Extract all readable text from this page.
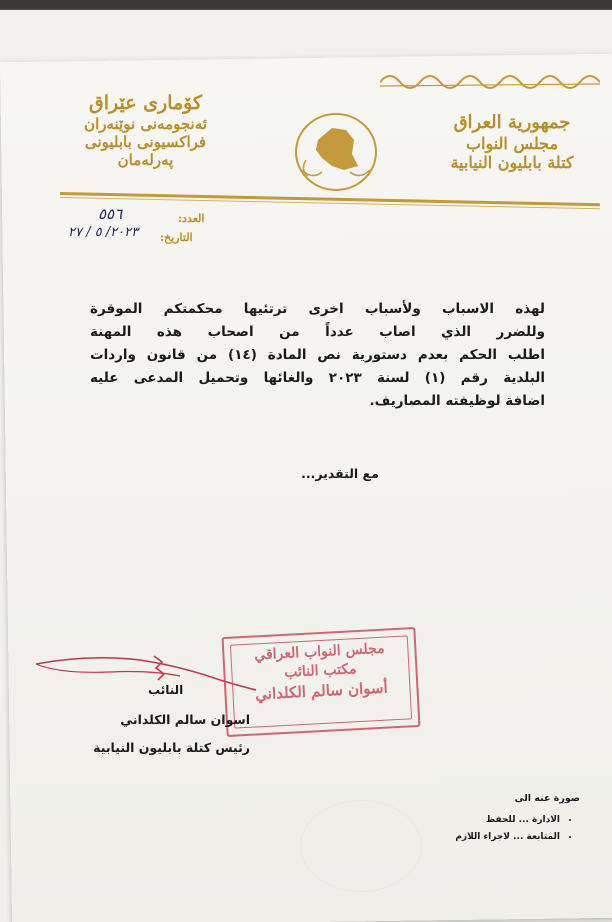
جمهورية العراق
مجلس النواب
كتلة بابليون النيابية
كۆماری عێراق
ئەنجومەنی نوێنەران
فراكسیونی بابلیونی پەرلەمان
العدد:
التاريخ:
٥٥٦
٢٠٢٣/ ٥ / ٢٧
لهذه الاسباب ولأسباب اخرى ترتئيها محكمتكم الموقرة
وللضرر الذي اصاب عدداً من اصحاب هذه المهنة
اطلب الحكم بعدم دستورية نص المادة (١٤) من قانون واردات
البلدية رقم (١) لسنة ٢٠٢٣ والغائها وتحميل المدعى عليه
اضافة لوظيفته المصاريف.
مع التقدير...
مجلس النواب العراقي
مكتب النائب
أسوان سالم الكلداني
النائب
اسوان سالم الكلداني
رئيس كتلة بابليون النيابية
صورة عنه الى
• الادارة ... للحفظ
• المتابعة ... لاجراء اللازم
